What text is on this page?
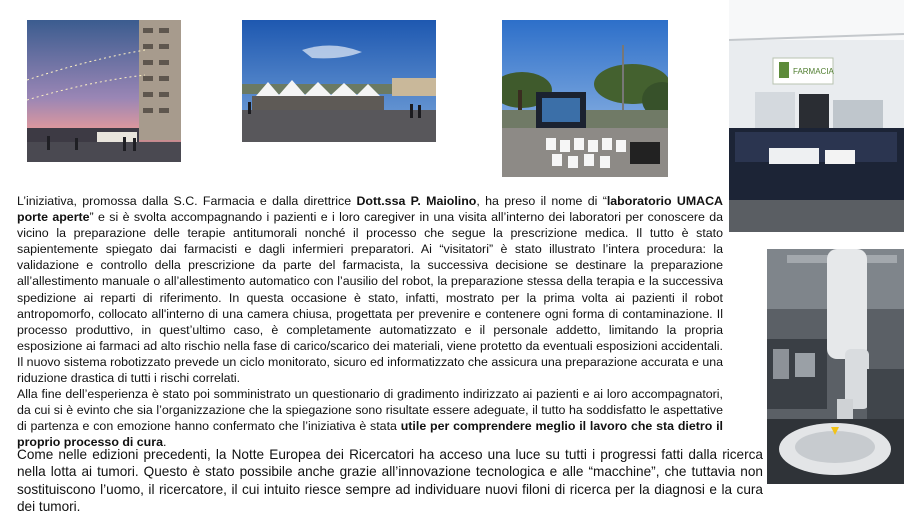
FARMACIA

L’iniziativa, promossa dalla S.C. Farmacia e dalla direttrice Dott.ssa P. Maiolino, ha preso il nome di “laboratorio UMACA porte aperte” e si è svolta accompagnando i pazienti e i loro caregiver in una visita all’interno dei laboratori per conoscere da vicino la preparazione delle terapie antitumorali nonché il processo che segue la prescrizione medica. Il tutto è stato sapientemente spiegato dai farmacisti e dagli infermieri preparatori. Ai “visitatori” è stato illustrato l’intera procedura: la validazione e controllo della prescrizione da parte del farmacista, la successiva decisione se destinare la preparazione all’allestimento manuale o all’allestimento automatico con l’ausilio del robot, la preparazione stessa della terapia e la successiva spedizione ai reparti di riferimento. In questa occasione è stato, infatti, mostrato per la prima volta ai pazienti il robot antropomorfo, collocato all'interno di una camera chiusa, progettata per prevenire e contenere ogni forma di contaminazione. Il processo produttivo, in quest’ultimo caso, è completamente automatizzato e il personale addetto, limitando la propria esposizione ai farmaci ad alto rischio nella fase di carico/scarico dei materiali, viene protetto da eventuali esposizioni accidentali. Il nuovo sistema robotizzato prevede un ciclo monitorato, sicuro ed informatizzato che assicura una preparazione accurata e una riduzione drastica di tutti i rischi correlati.
Alla fine dell’esperienza è stato poi somministrato un questionario di gradimento indirizzato ai pazienti e ai loro accompagnatori, da cui si è evinto che sia l’organizzazione che la spiegazione sono risultate essere adeguate, il tutto ha soddisfatto le aspettative di partenza e con emozione hanno confermato che l’iniziativa è stata utile per comprendere meglio il lavoro che sta dietro il proprio processo di cura.

Come nelle edizioni precedenti, la Notte Europea dei Ricercatori ha acceso una luce su tutti i progressi fatti dalla ricerca nella lotta ai tumori. Questo è stato possibile anche grazie all’innovazione tecnologica e alle “macchine”, che tuttavia non sostituiscono l’uomo, il ricercatore, il cui intuito riesce sempre ad individuare nuovi filoni di ricerca per la diagnosi e la cura dei tumori.
